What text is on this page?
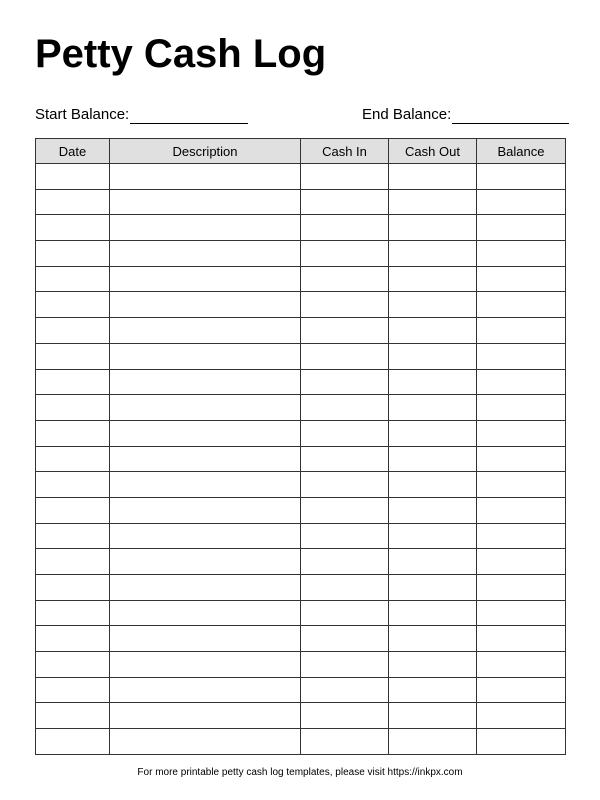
Petty Cash Log
Start Balance:	End Balance:
Date	Description	Cash In	Cash Out	Balance

For more printable petty cash log templates, please visit https://inkpx.com
